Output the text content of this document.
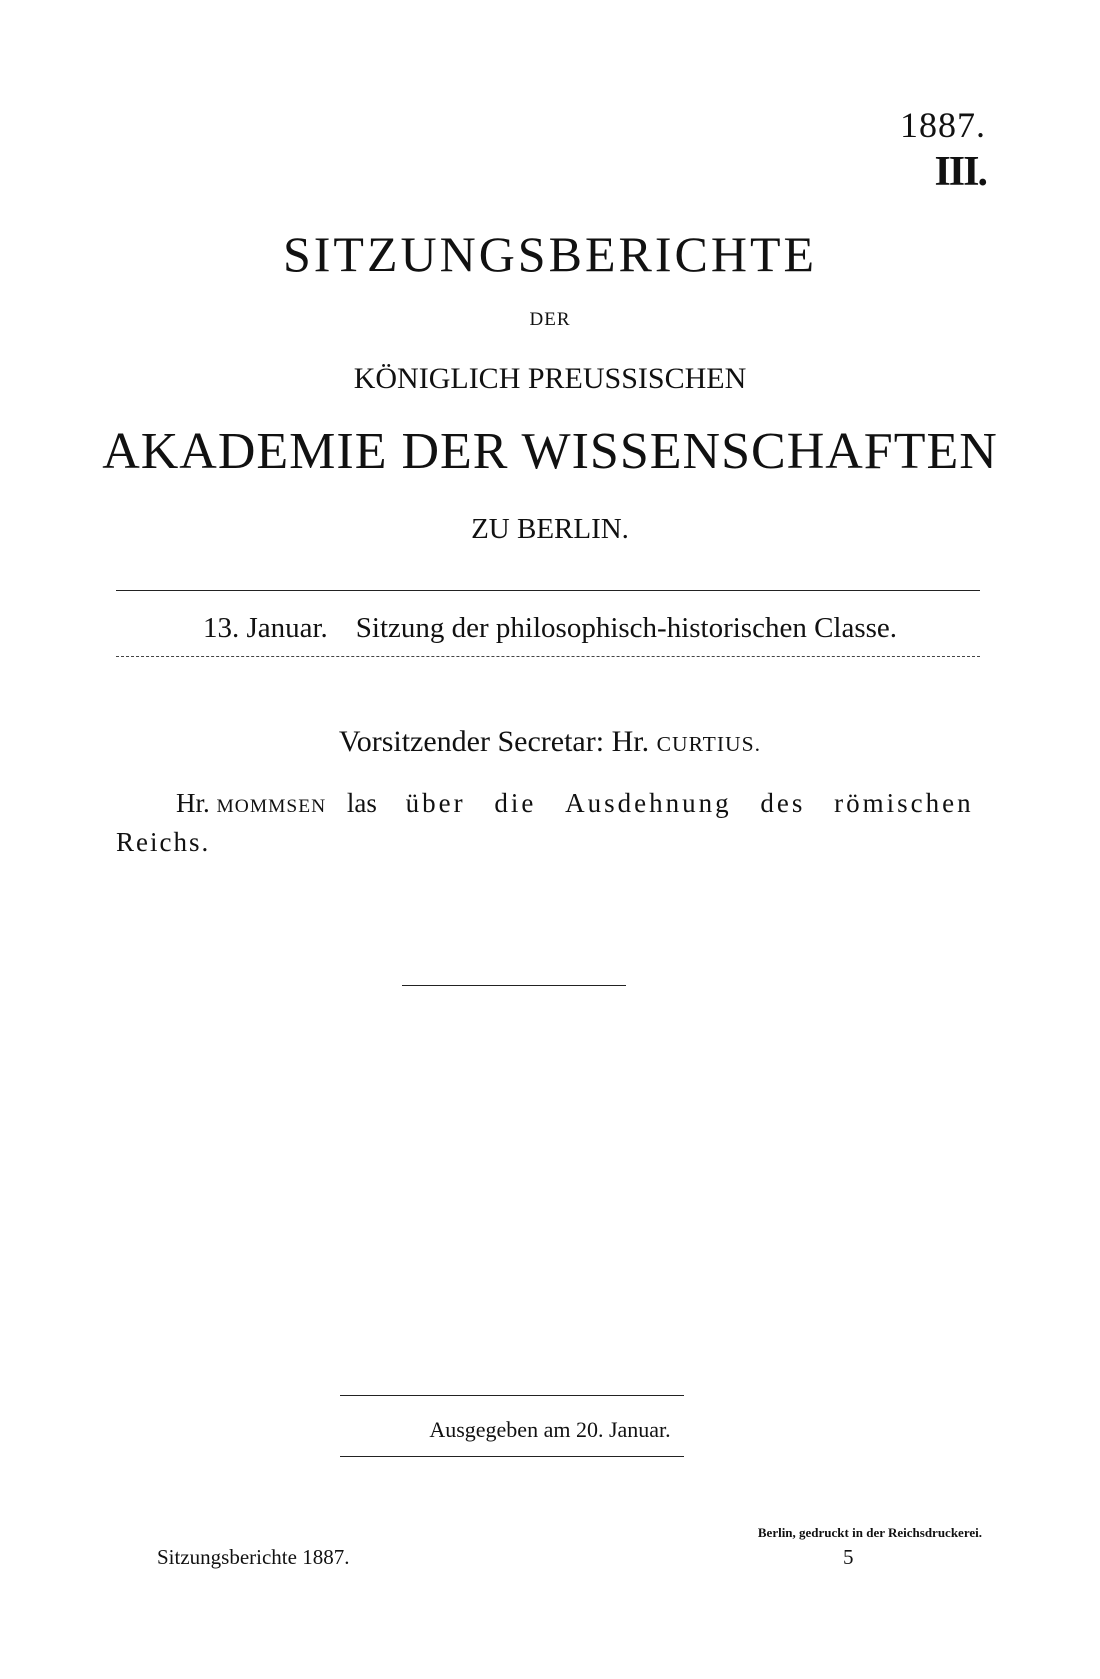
1887.
III.
SITZUNGSBERICHTE
DER
KÖNIGLICH PREUSSISCHEN
AKADEMIE DER WISSENSCHAFTEN
ZU BERLIN.
13. Januar. Sitzung der philosophisch-historischen Classe.
Vorsitzender Secretar: Hr. CURTIUS.
Hr. MOMMSEN las über die Ausdehnung des römischen
Reichs.
Ausgegeben am 20. Januar.
Berlin, gedruckt in der Reichsdruckerei.
Sitzungsberichte 1887.	5
